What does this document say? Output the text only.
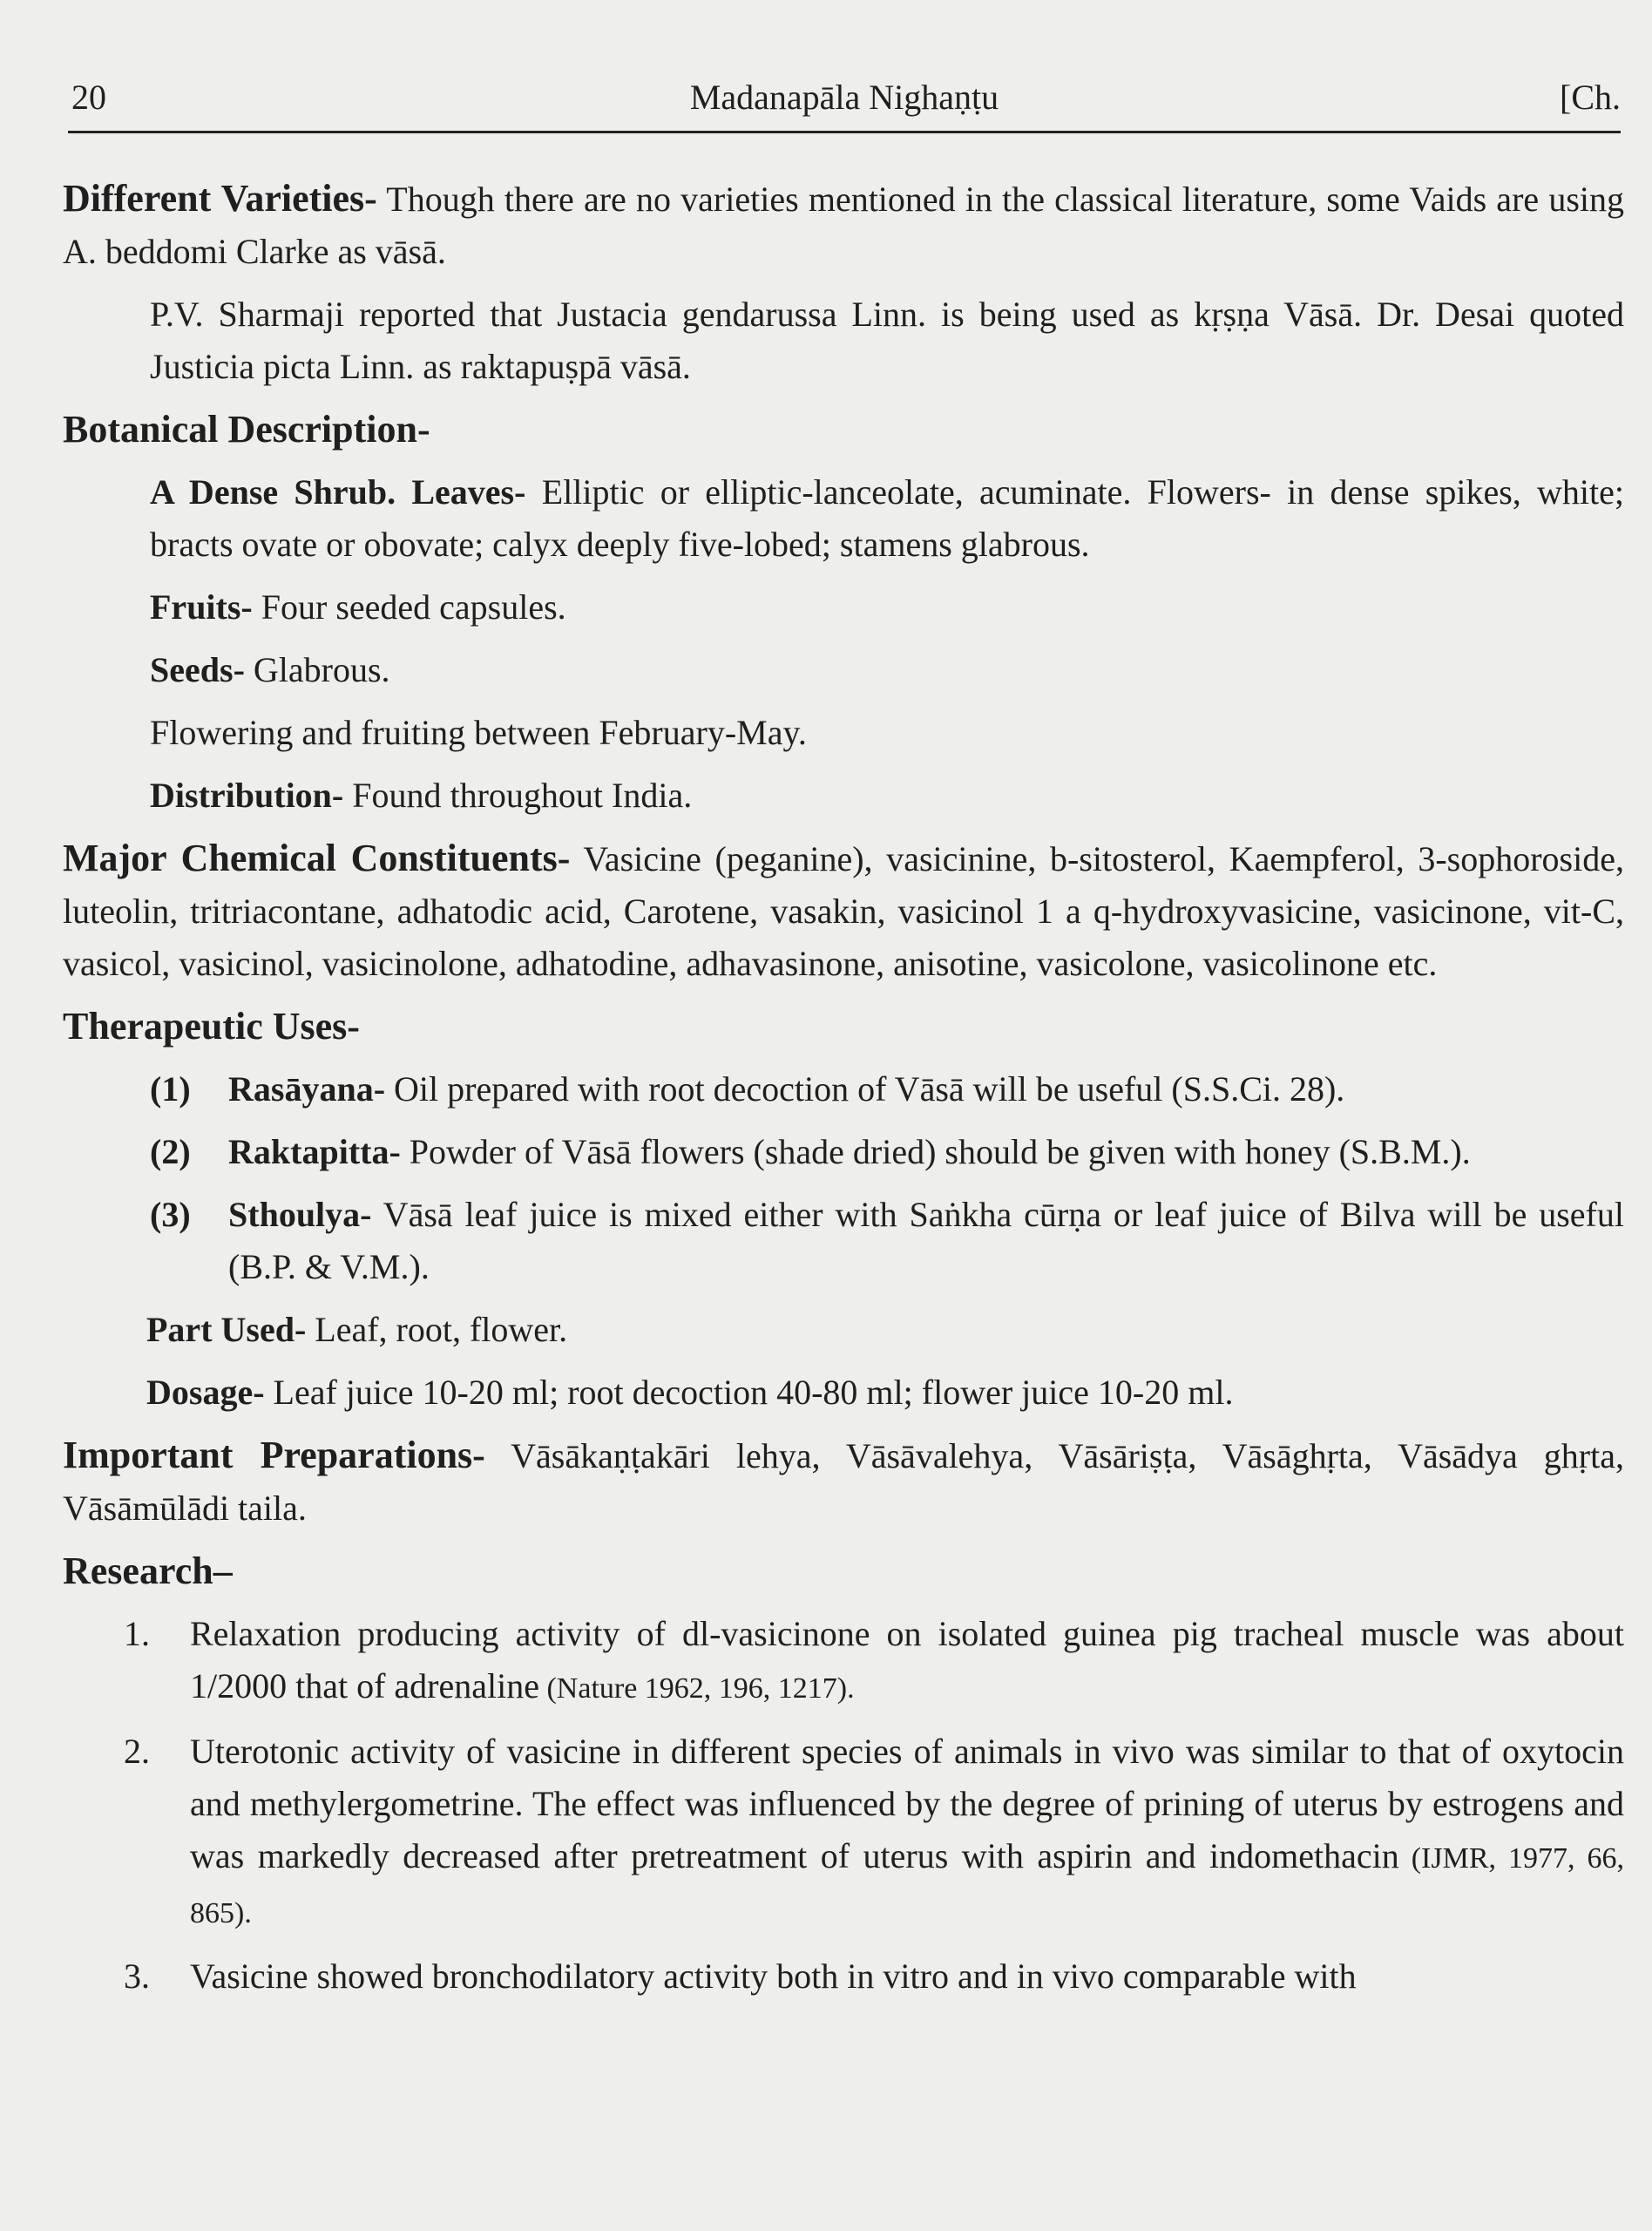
20	Madanapāla Nighaṇṭu	[Ch.

Different Varieties- Though there are no varieties mentioned in the classical literature, some Vaids are using A. beddomi Clarke as vāsā.

P.V. Sharmaji reported that Justacia gendarussa Linn. is being used as kṛṣṇa Vāsā. Dr. Desai quoted Justicia picta Linn. as raktapuṣpā vāsā.

Botanical Description-

A Dense Shrub. Leaves- Elliptic or elliptic-lanceolate, acuminate. Flowers- in dense spikes, white; bracts ovate or obovate; calyx deeply five-lobed; stamens glabrous.

Fruits- Four seeded capsules.

Seeds- Glabrous.

Flowering and fruiting between February-May.

Distribution- Found throughout India.

Major Chemical Constituents- Vasicine (peganine), vasicinine, b-sitosterol, Kaempferol, 3-sophoroside, luteolin, tritriacontane, adhatodic acid, Carotene, vasakin, vasicinol 1 a q-hydroxyvasicine, vasicinone, vit-C, vasicol, vasicinol, vasicinolone, adhatodine, adhavasinone, anisotine, vasicolone, vasicolinone etc.

Therapeutic Uses-

(1)	Rasāyana- Oil prepared with root decoction of Vāsā will be useful (S.S.Ci. 28).
(2)	Raktapitta- Powder of Vāsā flowers (shade dried) should be given with honey (S.B.M.).
(3)	Sthoulya- Vāsā leaf juice is mixed either with Saṅkha cūrṇa or leaf juice of Bilva will be useful (B.P. & V.M.).

Part Used- Leaf, root, flower.

Dosage- Leaf juice 10-20 ml; root decoction 40-80 ml; flower juice 10-20 ml.

Important Preparations- Vāsākaṇṭakāri lehya, Vāsāvalehya, Vāsāriṣṭa, Vāsāghṛta, Vāsādya ghṛta, Vāsāmūlādi taila.

Research–

1.	Relaxation producing activity of dl-vasicinone on isolated guinea pig tracheal muscle was about 1/2000 that of adrenaline (Nature 1962, 196, 1217).
2.	Uterotonic activity of vasicine in different species of animals in vivo was similar to that of oxytocin and methylergometrine. The effect was influenced by the degree of prining of uterus by estrogens and was markedly decreased after pretreatment of uterus with aspirin and indomethacin (IJMR, 1977, 66, 865).
3.	Vasicine showed bronchodilatory activity both in vitro and in vivo comparable with
